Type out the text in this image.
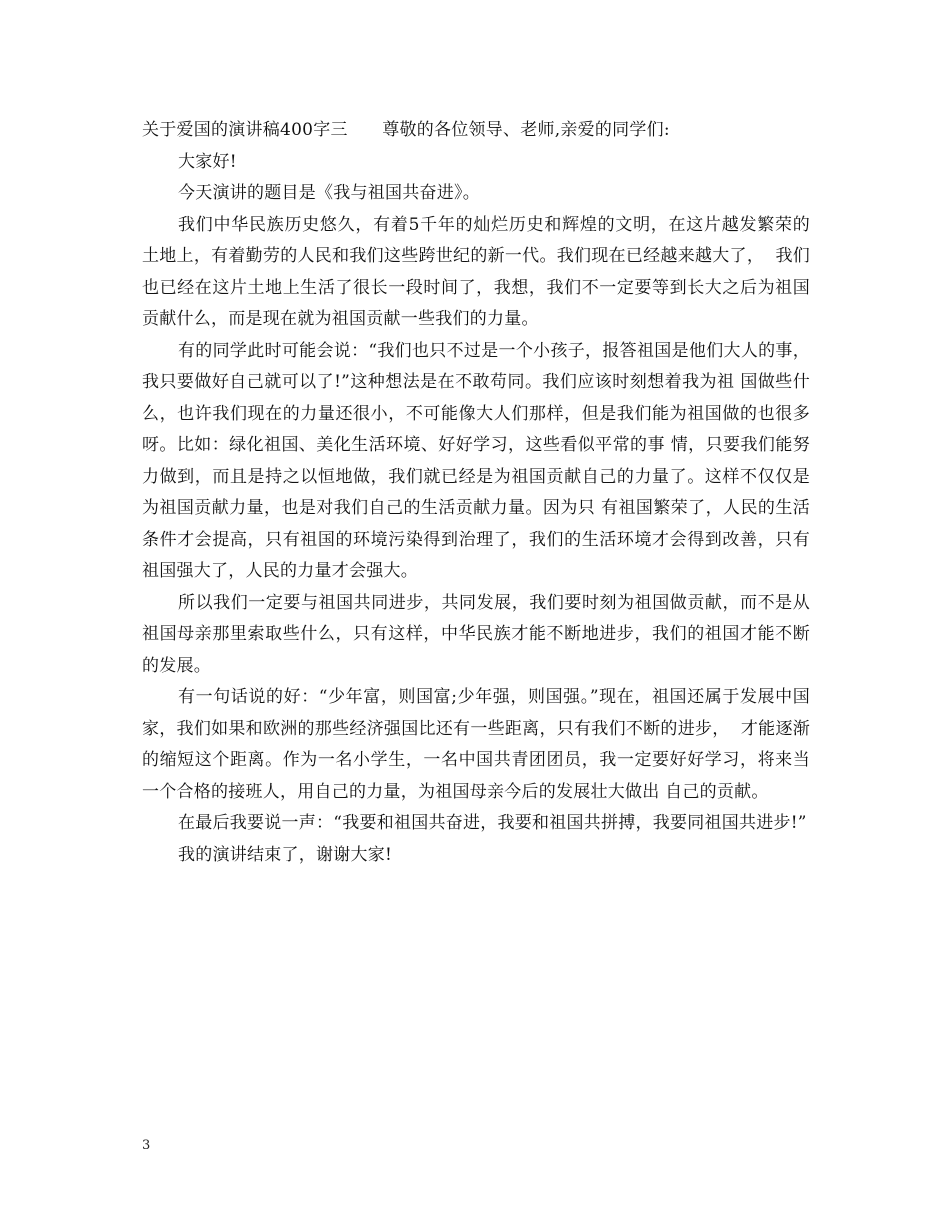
关于爱国的演讲稿400字三　　尊敬的各位领导、老师,亲爱的同学们:

大家好!

今天演讲的题目是《我与祖国共奋进》。

我们中华民族历史悠久，有着5千年的灿烂历史和辉煌的文明，在这片越发繁荣的土地上，有着勤劳的人民和我们这些跨世纪的新一代。我们现在已经越来越大了，  我们也已经在这片土地上生活了很长一段时间了，我想，我们不一定要等到长大之后为祖国贡献什么，而是现在就为祖国贡献一些我们的力量。

有的同学此时可能会说：“我们也只不过是一个小孩子，报答祖国是他们大人的事，我只要做好自己就可以了!”这种想法是在不敢苟同。我们应该时刻想着我为祖 国做些什么，也许我们现在的力量还很小，不可能像大人们那样，但是我们能为祖国做的也很多呀。比如：绿化祖国、美化生活环境、好好学习，这些看似平常的事 情，只要我们能努力做到，而且是持之以恒地做，我们就已经是为祖国贡献自己的力量了。这样不仅仅是为祖国贡献力量，也是对我们自己的生活贡献力量。因为只 有祖国繁荣了，人民的生活条件才会提高，只有祖国的环境污染得到治理了，我们的生活环境才会得到改善，只有祖国强大了，人民的力量才会强大。

所以我们一定要与祖国共同进步，共同发展，我们要时刻为祖国做贡献，而不是从祖国母亲那里索取些什么，只有这样，中华民族才能不断地进步，我们的祖国才能不断的发展。

有一句话说的好：“少年富，则国富;少年强，则国强。”现在，祖国还属于发展中国家，我们如果和欧洲的那些经济强国比还有一些距离，只有我们不断的进步，  才能逐渐的缩短这个距离。作为一名小学生，一名中国共青团团员，我一定要好好学习，将来当一个合格的接班人，用自己的力量，为祖国母亲今后的发展壮大做出 自己的贡献。

在最后我要说一声：“我要和祖国共奋进，我要和祖国共拼搏，我要同祖国共进步!”

我的演讲结束了，谢谢大家!

3
